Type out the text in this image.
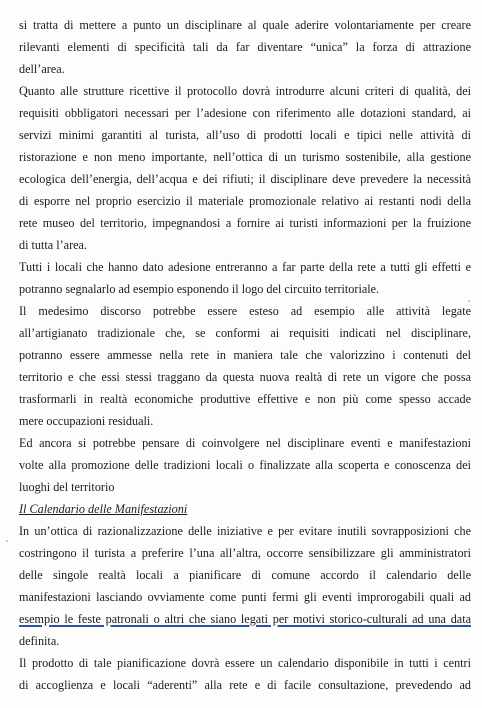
si tratta di mettere a punto un disciplinare al quale aderire volontariamente per creare
rilevanti elementi di specificità tali da far diventare “unica” la forza di attrazione
dell’area.
Quanto alle strutture ricettive il protocollo dovrà introdurre alcuni criteri di qualità, dei
requisiti obbligatori necessari per l’adesione con riferimento alle dotazioni standard, ai
servizi minimi garantiti al turista, all’uso di prodotti locali e tipici nelle attività di
ristorazione e non meno importante, nell’ottica di un turismo sostenibile, alla gestione
ecologica dell’energia, dell’acqua e dei rifiuti; il disciplinare deve prevedere la necessità
di esporre nel proprio esercizio il materiale promozionale relativo ai restanti nodi della
rete museo del territorio, impegnandosi a fornire ai turisti informazioni per la fruizione
di tutta l’area.
Tutti i locali che hanno dato adesione entreranno a far parte della rete a tutti gli effetti e
potranno segnalarlo ad esempio esponendo il logo del circuito territoriale.
Il medesimo discorso potrebbe essere esteso ad esempio alle attività legate
all’artigianato tradizionale che, se conformi ai requisiti indicati nel disciplinare,
potranno essere ammesse nella rete in maniera tale che valorizzino i contenuti del
territorio e che essi stessi traggano da questa nuova realtà di rete un vigore che possa
trasformarli in realtà economiche produttive effettive e non più come spesso accade
mere occupazioni residuali.
Ed ancora si potrebbe pensare di coinvolgere nel disciplinare eventi e manifestazioni
volte alla promozione delle tradizioni locali o finalizzate alla scoperta e conoscenza dei
luoghi del territorio
Il Calendario delle Manifestazioni
In un’ottica di razionalizzazione delle iniziative e per evitare inutili sovrapposizioni che
costringono il turista a preferire l’una all’altra, occorre sensibilizzare gli amministratori
delle singole realtà locali a pianificare di comune accordo il calendario delle
manifestazioni lasciando ovviamente come punti fermi gli eventi improrogabili quali ad
esempio le feste patronali o altri che siano legati per motivi storico-culturali ad una data
definita.
Il prodotto di tale pianificazione dovrà essere un calendario disponibile in tutti i centri
di accoglienza e locali “aderenti” alla rete e di facile consultazione, prevedendo ad
